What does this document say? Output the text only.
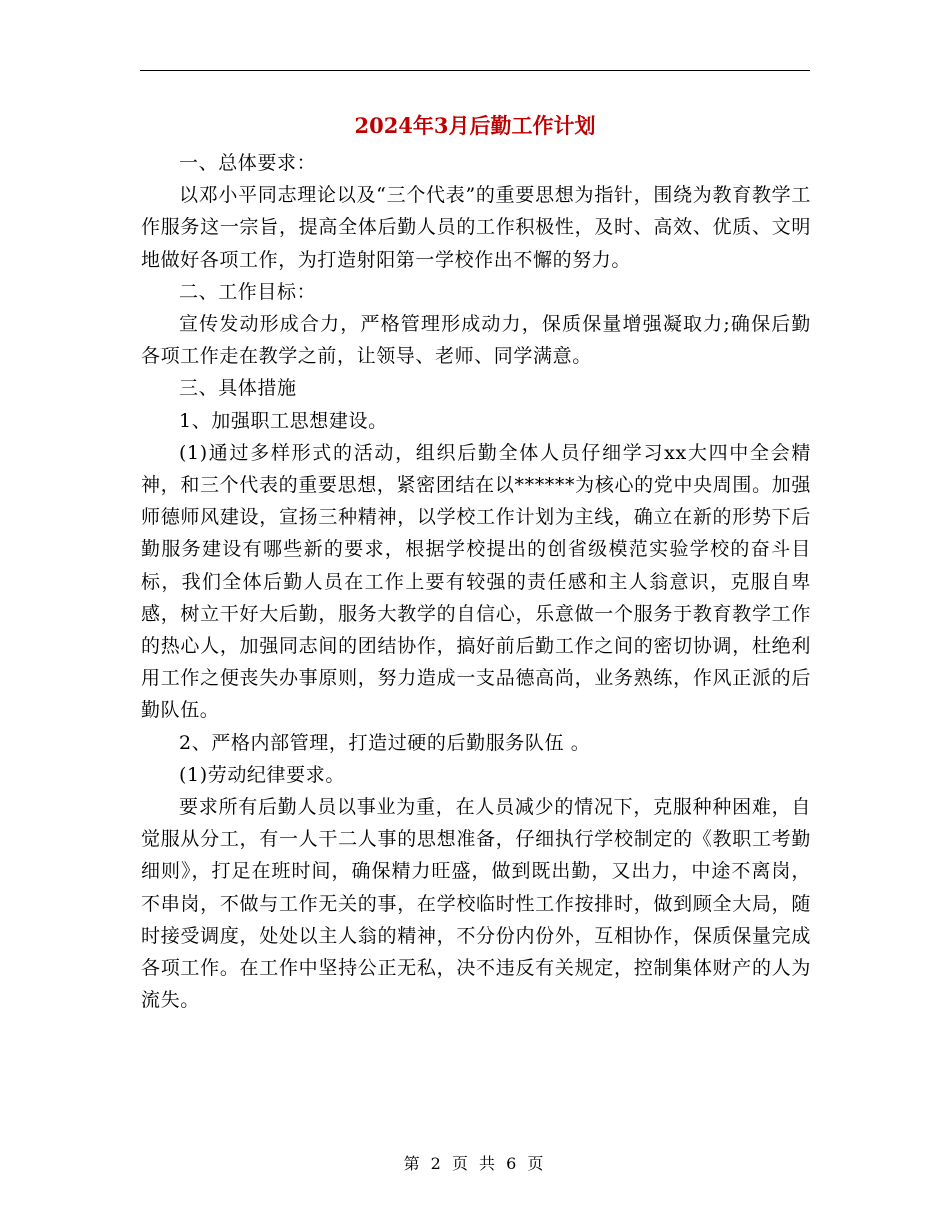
2024年3月后勤工作计划

一、总体要求：

以邓小平同志理论以及“三个代表”的重要思想为指针，围绕为教育教学工作服务这一宗旨，提高全体后勤人员的工作积极性，及时、高效、优质、文明地做好各项工作，为打造射阳第一学校作出不懈的努力。

二、工作目标：

宣传发动形成合力，严格管理形成动力，保质保量增强凝取力;确保后勤各项工作走在教学之前，让领导、老师、同学满意。

三、具体措施

1、加强职工思想建设。

(1)通过多样形式的活动，组织后勤全体人员仔细学习xx大四中全会精神，和三个代表的重要思想，紧密团结在以******为核心的党中央周围。加强师德师风建设，宣扬三种精神，以学校工作计划为主线，确立在新的形势下后勤服务建设有哪些新的要求，根据学校提出的创省级模范实验学校的奋斗目标，我们全体后勤人员在工作上要有较强的责任感和主人翁意识，克服自卑感，树立干好大后勤，服务大教学的自信心，乐意做一个服务于教育教学工作的热心人，加强同志间的团结协作，搞好前后勤工作之间的密切协调，杜绝利用工作之便丧失办事原则，努力造成一支品德高尚，业务熟练，作风正派的后勤队伍。

2、严格内部管理，打造过硬的后勤服务队伍 。

(1)劳动纪律要求。

要求所有后勤人员以事业为重，在人员减少的情况下，克服种种困难，自觉服从分工，有一人干二人事的思想准备，仔细执行学校制定的《教职工考勤细则》，打足在班时间，确保精力旺盛，做到既出勤，又出力，中途不离岗，不串岗，不做与工作无关的事，在学校临时性工作按排时，做到顾全大局，随时接受调度，处处以主人翁的精神，不分份内份外，互相协作，保质保量完成各项工作。在工作中坚持公正无私，决不违反有关规定，控制集体财产的人为流失。

第 2 页 共 6 页
